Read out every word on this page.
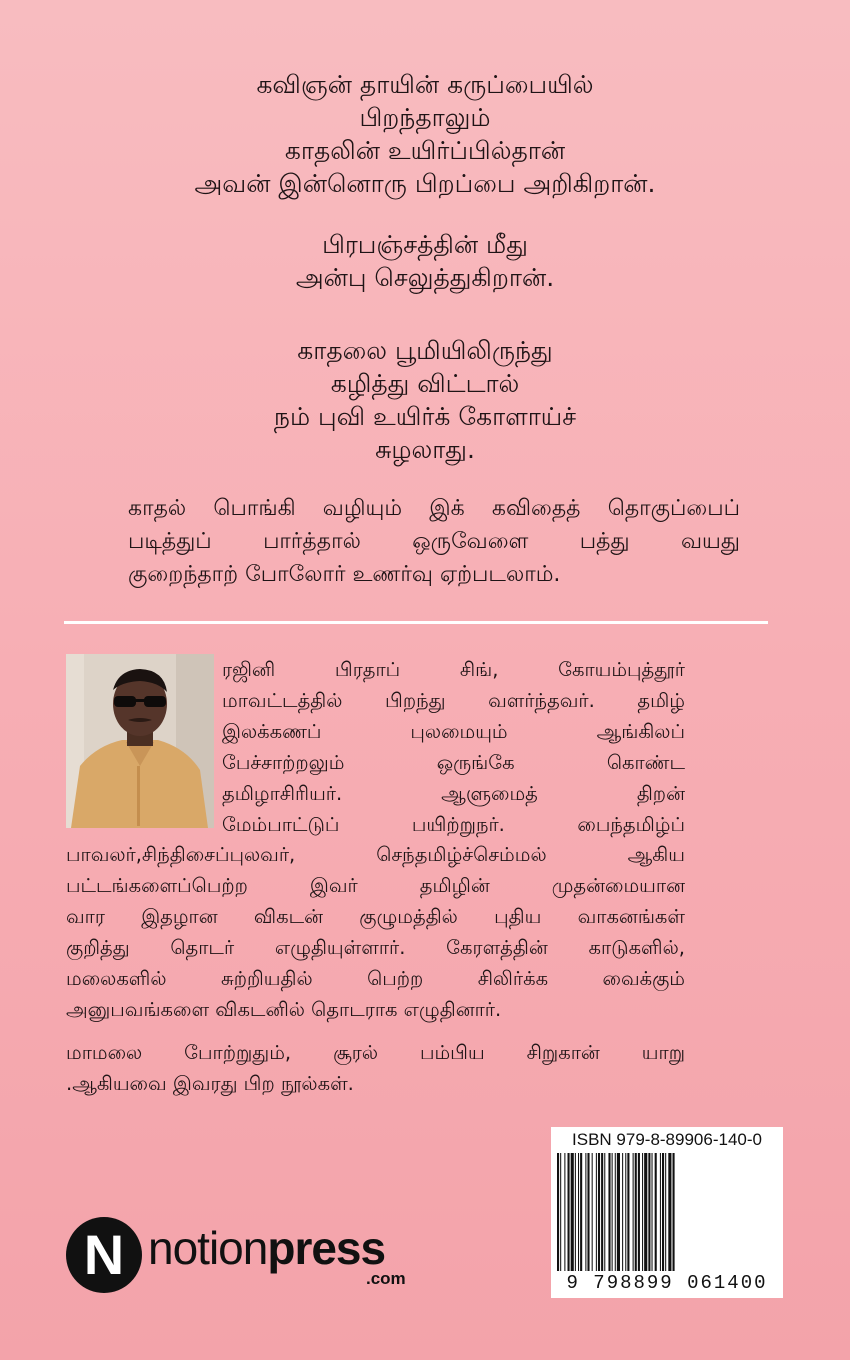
கவிஞன் தாயின் கருப்பையில்
பிறந்தாலும்
காதலின் உயிர்ப்பில்தான்
அவன் இன்னொரு பிறப்பை அறிகிறான்.
பிரபஞ்சத்தின் மீது
அன்பு செலுத்துகிறான்.
காதலை பூமியிலிருந்து
கழித்து விட்டால்
நம் புவி உயிர்க் கோளாய்ச்
சுழலாது.
காதல் பொங்கி வழியும் இக் கவிதைத் தொகுப்பைப்
படித்துப் பார்த்தால் ஒருவேளை பத்து வயது
குறைந்தாற் போலோர் உணர்வு ஏற்படலாம்.
ரஜினி பிரதாப் சிங், கோயம்புத்தூர்
மாவட்டத்தில் பிறந்து வளர்ந்தவர். தமிழ்
இலக்கணப் புலமையும் ஆங்கிலப்
பேச்சாற்றலும் ஒருங்கே கொண்ட
தமிழாசிரியர். ஆளுமைத் திறன்
மேம்பாட்டுப் பயிற்றுநர். பைந்தமிழ்ப்
பாவலர்,சிந்திசைப்புலவர், செந்தமிழ்ச்செம்மல் ஆகிய
பட்டங்களைப்பெற்ற இவர் தமிழின் முதன்மையான
வார இதழான விகடன் குழுமத்தில் புதிய வாகனங்கள்
குறித்து தொடர் எழுதியுள்ளார். கேரளத்தின் காடுகளில்,
மலைகளில் சுற்றியதில் பெற்ற சிலிர்க்க வைக்கும்
அனுபவங்களை விகடனில் தொடராக எழுதினார்.
மாமலை போற்றுதும், சூரல் பம்பிய சிறுகான் யாறு
.ஆகியவை இவரது பிற நூல்கள்.
ISBN 979-8-89906-140-0
9 798899 061400
N notionpress
.com
